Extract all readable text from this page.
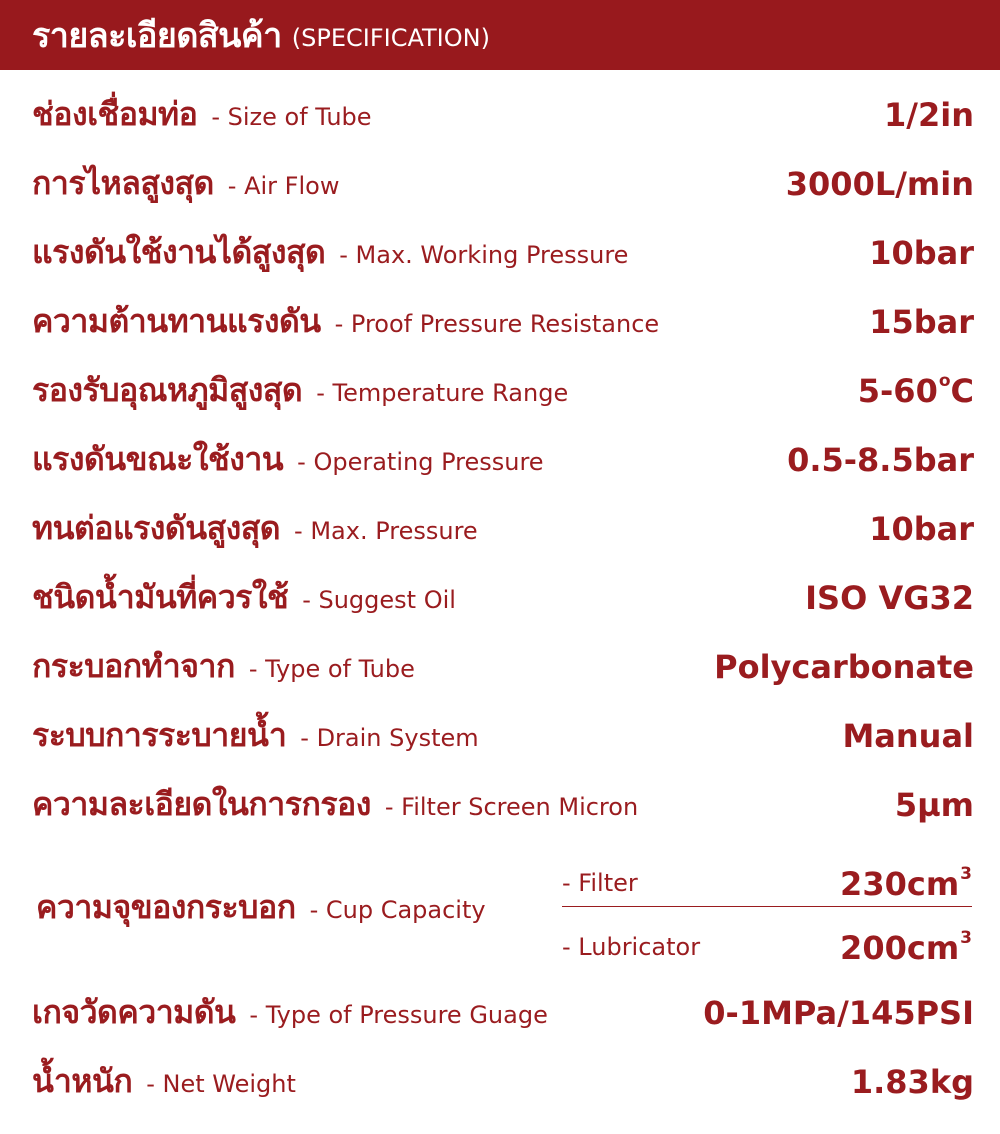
รายละเอียดสินค้า (SPECIFICATION)
ช่องเชื่อมท่อ	- Size of Tube	1/2in
การไหลสูงสุด	- Air Flow	3000L/min
แรงดันใช้งานได้สูงสุด	- Max. Working Pressure	10bar
ความต้านทานแรงดัน	- Proof Pressure Resistance	15bar
รองรับอุณหภูมิสูงสุด	- Temperature Range	5-60$^o$C
แรงดันขณะใช้งาน	- Operating Pressure	0.5-8.5bar
ทนต่อแรงดันสูงสุด	- Max. Pressure	10bar
ชนิดน้ำมันที่ควรใช้	- Suggest Oil	ISO VG32
กระบอกทำจาก	- Type of Tube	Polycarbonate
ระบบการระบายน้ำ	- Drain System	Manual
ความละเอียดในการกรอง	- Filter Screen Micron	5µm
เกจวัดความดัน	- Type of Pressure Guage	0-1MPa/145PSI
น้ำหนัก	- Net Weight	1.83kg
ความจุของกระบอก	- Cup Capacity
- Filter	$230cm^3$
- Lubricator	$200cm^3$
